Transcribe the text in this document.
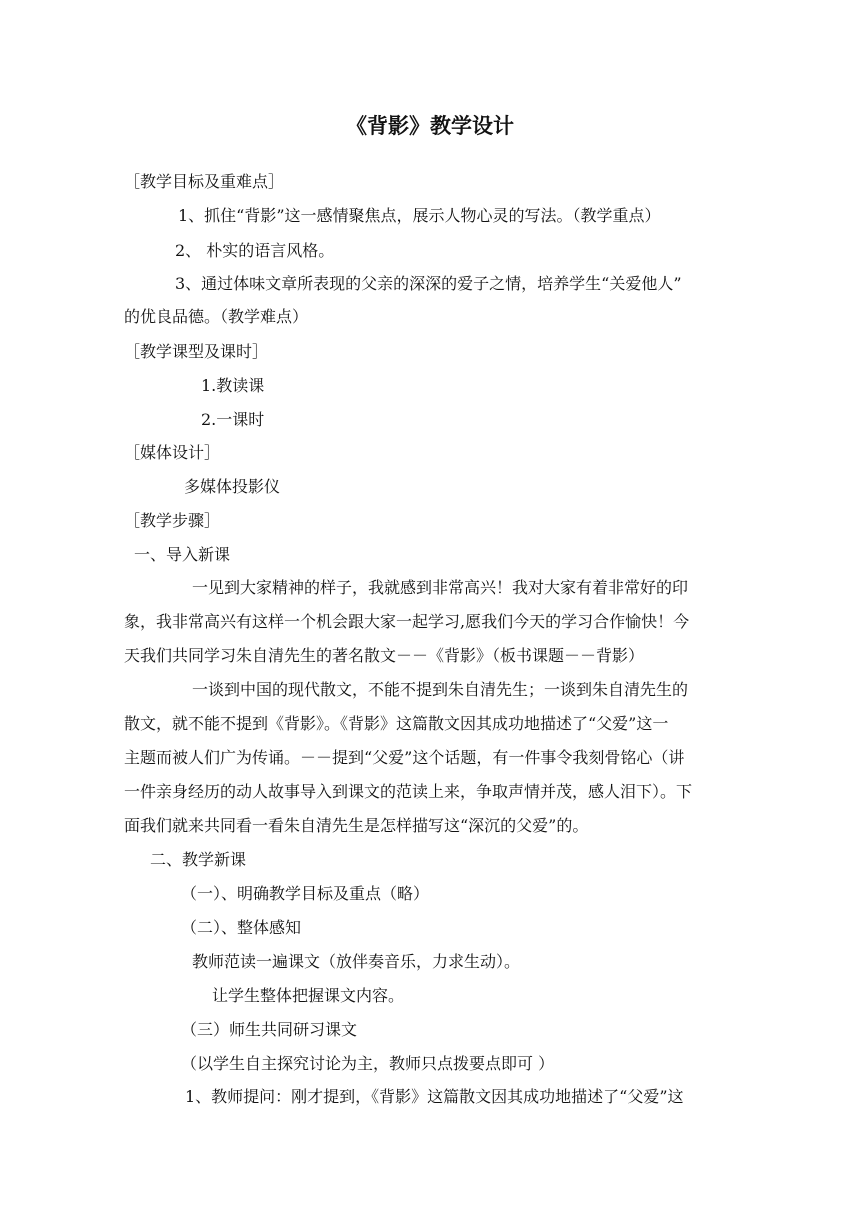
《背影》教学设计
［教学目标及重难点］
1、抓住“背影”这一感情聚焦点，展示人物心灵的写法。（教学重点）
2、 朴实的语言风格。
3、通过体味文章所表现的父亲的深深的爱子之情，培养学生“关爱他人”
的优良品德。（教学难点）
［教学课型及课时］
1.教读课
2.一课时
［媒体设计］
多媒体投影仪
［教学步骤］
一、导入新课
一见到大家精神的样子，我就感到非常高兴！我对大家有着非常好的印
象，我非常高兴有这样一个机会跟大家一起学习,愿我们今天的学习合作愉快！今
天我们共同学习朱自清先生的著名散文－－《背影》（板书课题－－背影）
一谈到中国的现代散文，不能不提到朱自清先生；一谈到朱自清先生的
散文，就不能不提到《背影》。《背影》这篇散文因其成功地描述了“父爱”这一
主题而被人们广为传诵。－－提到“父爱”这个话题，有一件事令我刻骨铭心（讲
一件亲身经历的动人故事导入到课文的范读上来，争取声情并茂，感人泪下）。下
面我们就来共同看一看朱自清先生是怎样描写这“深沉的父爱”的。
二、教学新课
（一）、明确教学目标及重点（略）
（二）、整体感知
教师范读一遍课文（放伴奏音乐，力求生动）。
让学生整体把握课文内容。
（三）师生共同研习课文
（以学生自主探究讨论为主，教师只点拨要点即可 ）
1、教师提问：刚才提到，《背影》这篇散文因其成功地描述了“父爱”这
